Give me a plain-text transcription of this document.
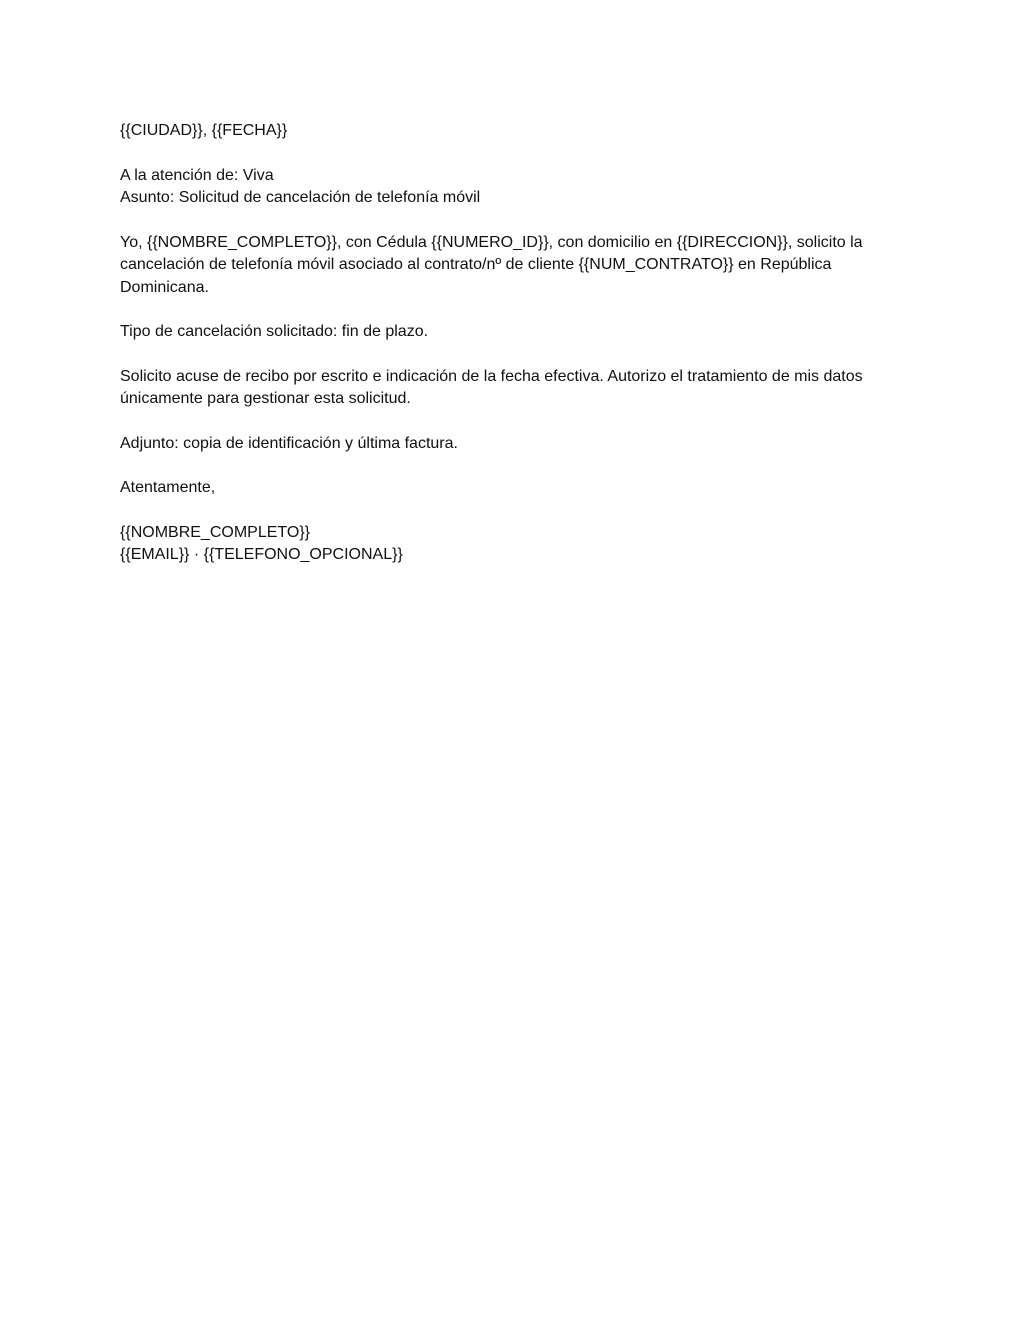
{{CIUDAD}}, {{FECHA}}

A la atención de: Viva
Asunto: Solicitud de cancelación de telefonía móvil

Yo, {{NOMBRE_COMPLETO}}, con Cédula {{NUMERO_ID}}, con domicilio en {{DIRECCION}}, solicito la cancelación de telefonía móvil asociado al contrato/nº de cliente {{NUM_CONTRATO}} en República Dominicana.

Tipo de cancelación solicitado: fin de plazo.

Solicito acuse de recibo por escrito e indicación de la fecha efectiva. Autorizo el tratamiento de mis datos únicamente para gestionar esta solicitud.

Adjunto: copia de identificación y última factura.

Atentamente,

{{NOMBRE_COMPLETO}}
{{EMAIL}} · {{TELEFONO_OPCIONAL}}
